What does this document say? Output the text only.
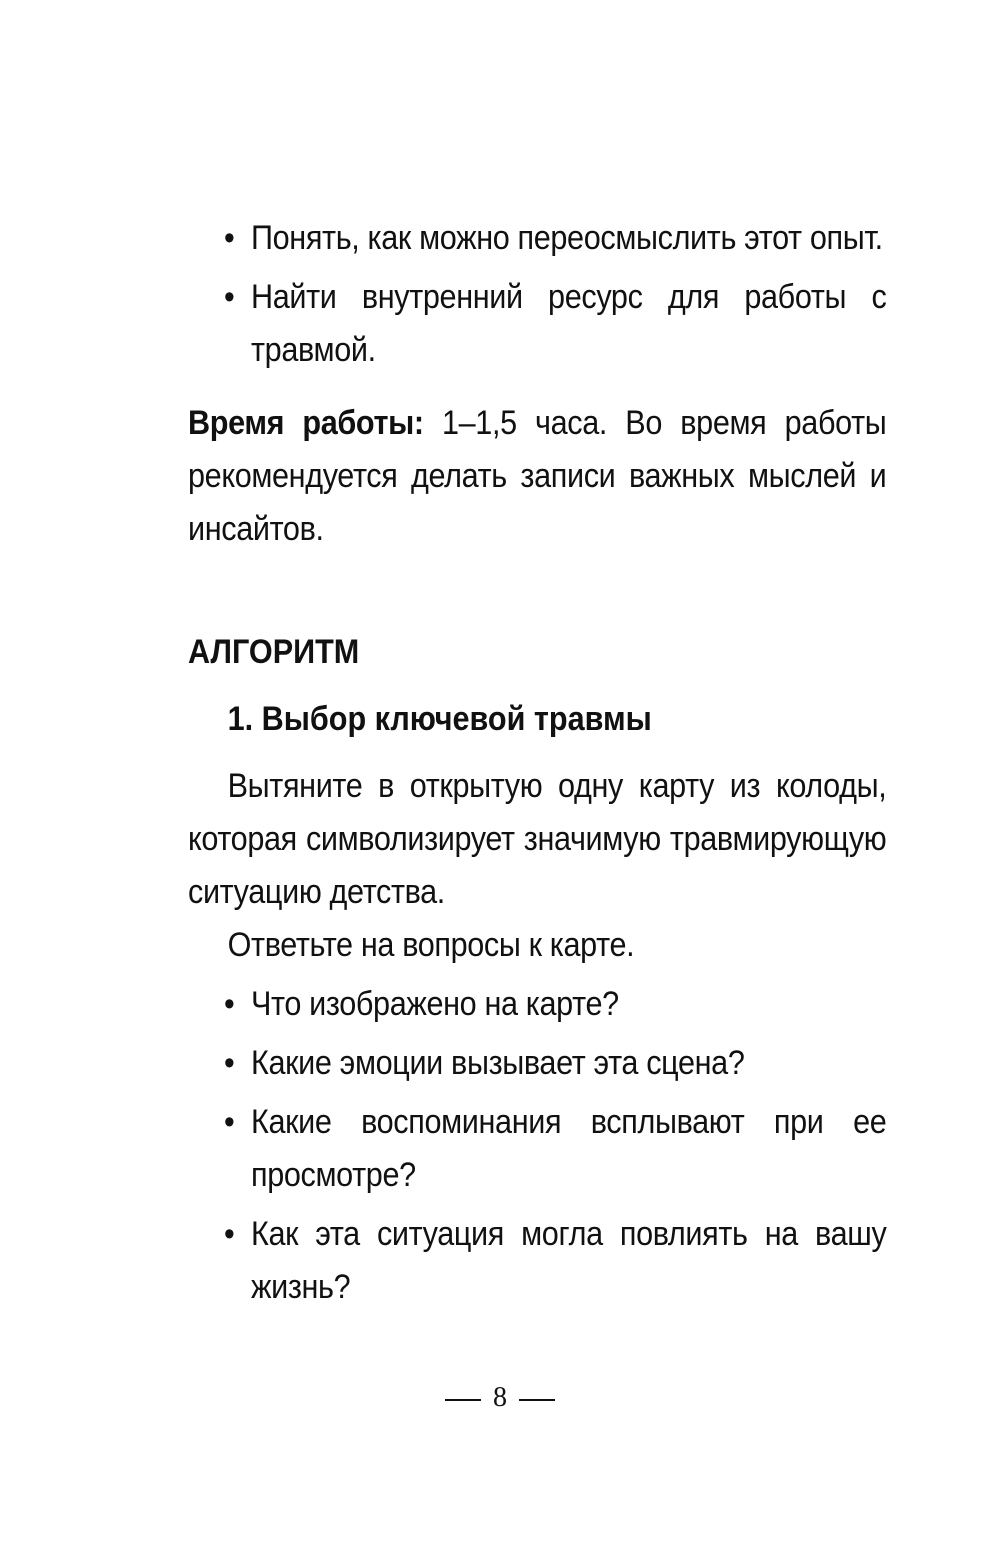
• Понять, как можно переосмыслить этот опыт.
• Найти внутренний ресурс для работы с травмой.

Время работы: 1–1,5 часа. Во время работы рекомендуется делать записи важных мыслей и инсайтов.

АЛГОРИТМ

1. Выбор ключевой травмы

Вытяните в открытую одну карту из колоды, которая символизирует значимую травмирующую ситуацию детства.

Ответьте на вопросы к карте.

• Что изображено на карте?
• Какие эмоции вызывает эта сцена?
• Какие воспоминания всплывают при ее просмотре?
• Как эта ситуация могла повлиять на вашу жизнь?
8
